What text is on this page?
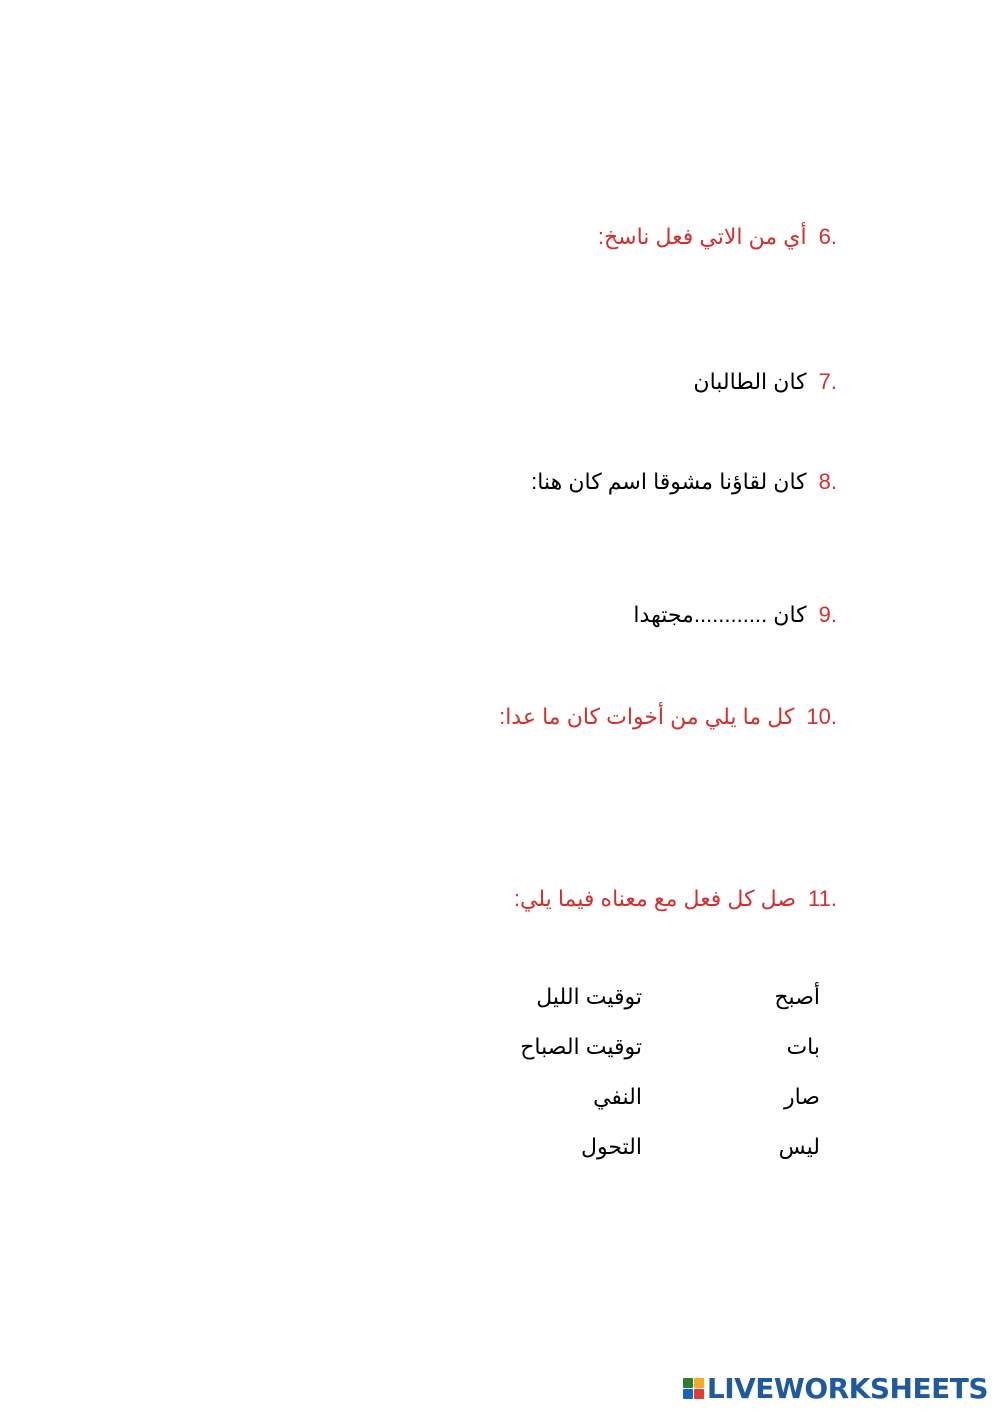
.6أي من الاتي فعل ناسخ:
.7كان الطالبان
.8كان لقاؤنا مشوقا اسم كان هنا:
.9كان ............مجتهدا
.10كل ما يلي من أخوات كان ما عدا:
.11صل كل فعل مع معناه فيما يلي:
أصبح
بات
صار
ليس
توقيت الليل
توقيت الصباح
النفي
التحول
LIVEWORKSHEETS
